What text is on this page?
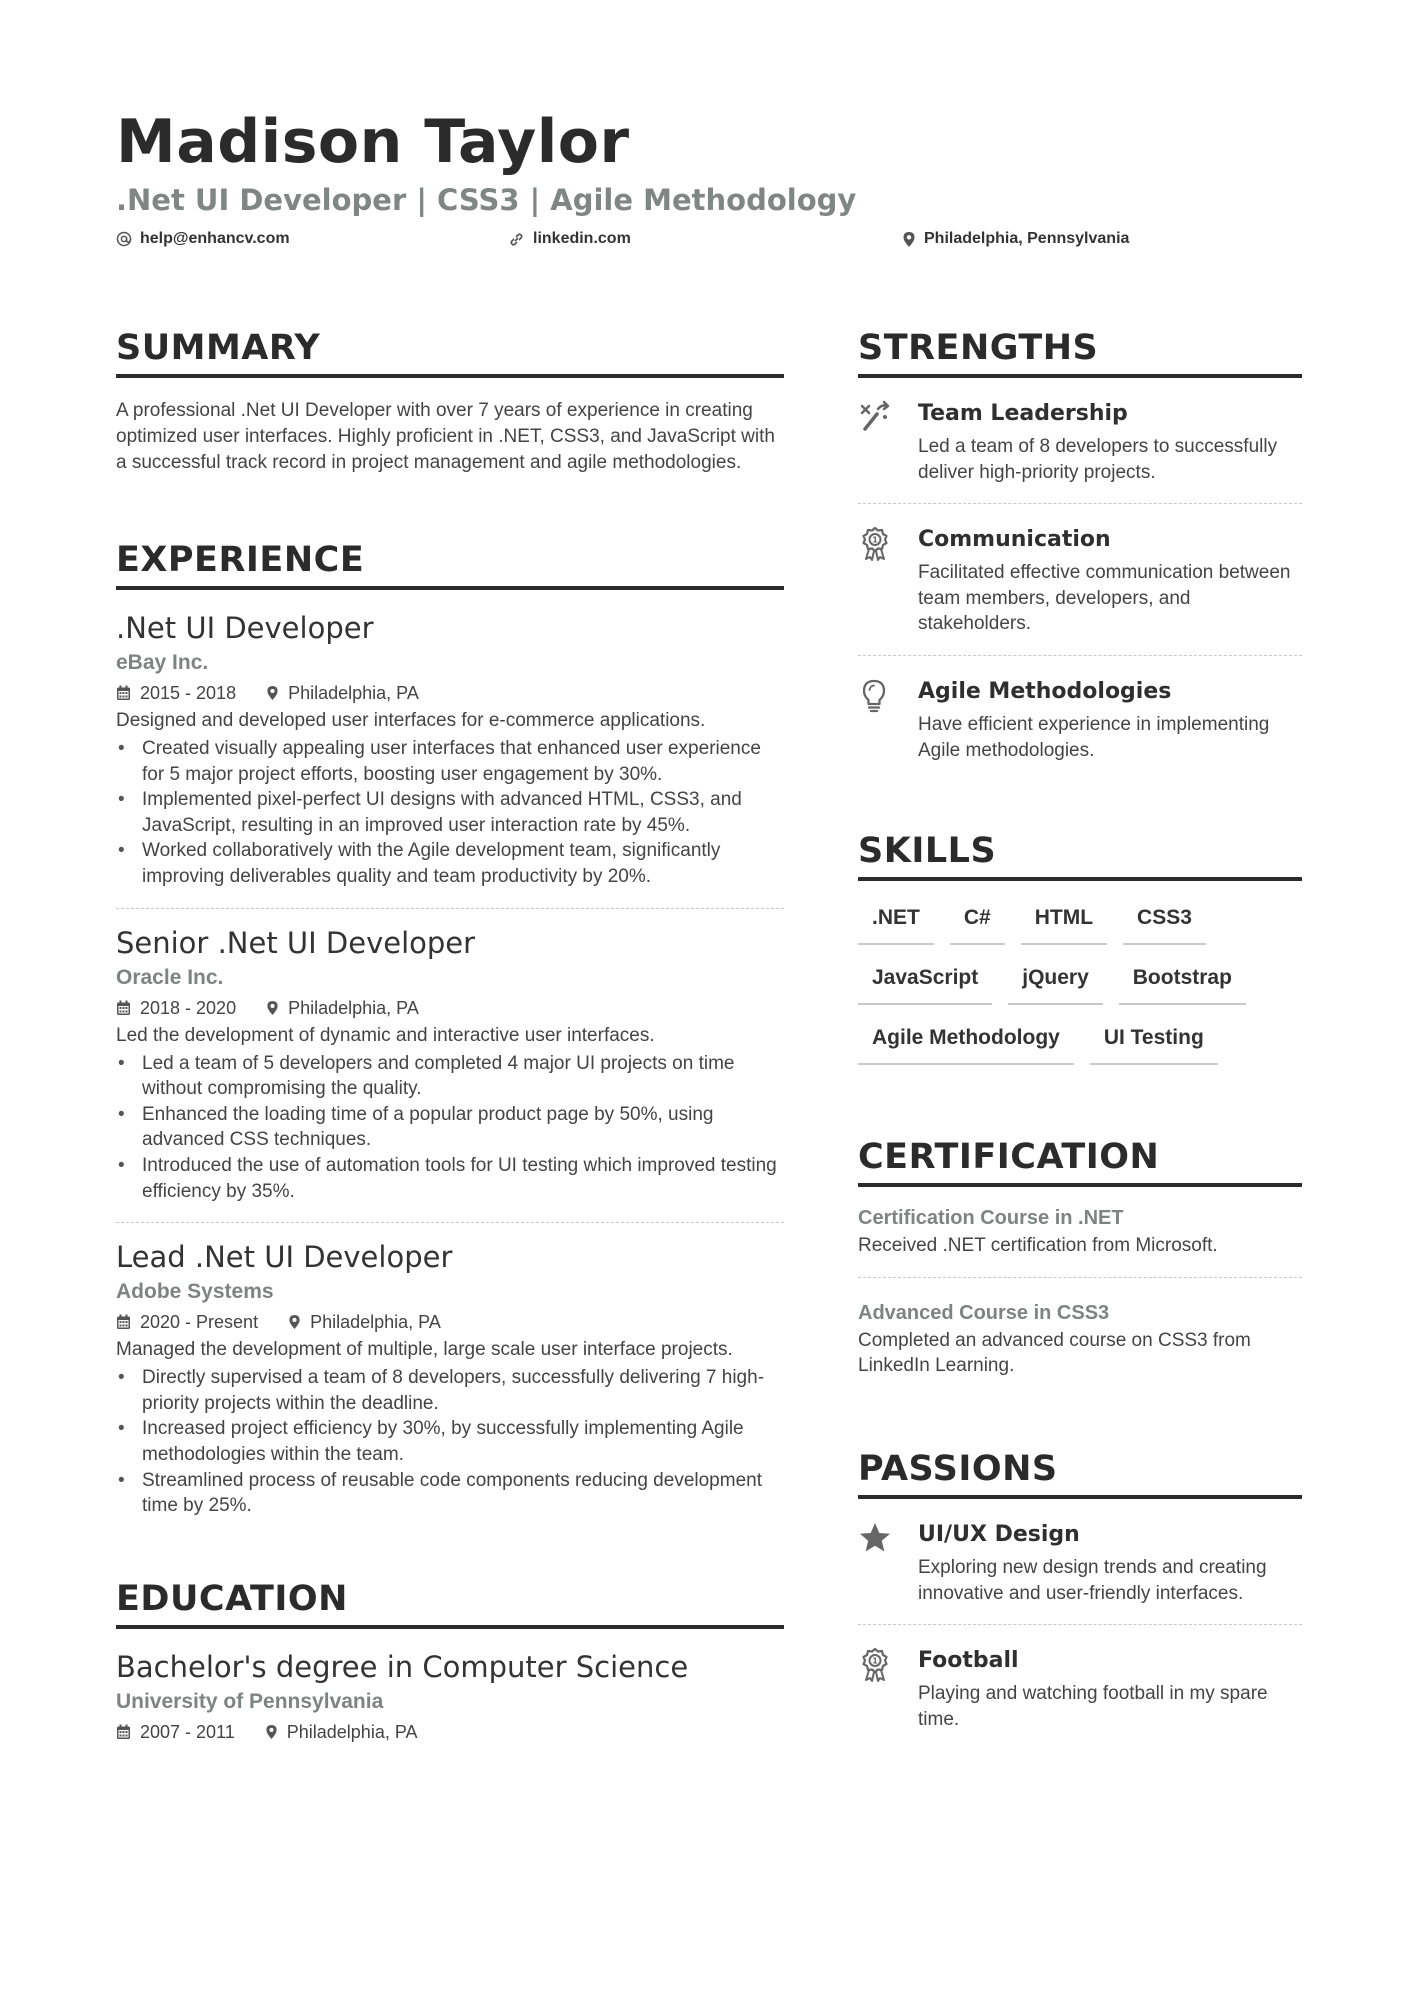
Madison Taylor
.Net UI Developer | CSS3 | Agile Methodology
help@enhancv.com	linkedin.com	Philadelphia, Pennsylvania
SUMMARY

A professional .Net UI Developer with over 7 years of experience in creating optimized user interfaces. Highly proficient in .NET, CSS3, and JavaScript with a successful track record in project management and agile methodologies.

EXPERIENCE
.Net UI Developer
eBay Inc.
2015 - 2018	Philadelphia, PA

Designed and developed user interfaces for e-commerce applications.

• Created visually appealing user interfaces that enhanced user experience for 5 major project efforts, boosting user engagement by 30%.
• Implemented pixel-perfect UI designs with advanced HTML, CSS3, and JavaScript, resulting in an improved user interaction rate by 45%.
• Worked collaboratively with the Agile development team, significantly improving deliverables quality and team productivity by 20%.
Senior .Net UI Developer
Oracle Inc.
2018 - 2020	Philadelphia, PA

Led the development of dynamic and interactive user interfaces.

• Led a team of 5 developers and completed 4 major UI projects on time without compromising the quality.
• Enhanced the loading time of a popular product page by 50%, using advanced CSS techniques.
• Introduced the use of automation tools for UI testing which improved testing efficiency by 35%.
Lead .Net UI Developer
Adobe Systems
2020 - Present	Philadelphia, PA

Managed the development of multiple, large scale user interface projects.

• Directly supervised a team of 8 developers, successfully delivering 7 high-priority projects within the deadline.
• Increased project efficiency by 30%, by successfully implementing Agile methodologies within the team.
• Streamlined process of reusable code components reducing development time by 25%.
EDUCATION
Bachelor's degree in Computer Science
University of Pennsylvania
2007 - 2011	Philadelphia, PA
STRENGTHS
Team Leadership
Led a team of 8 developers to successfully deliver high-priority projects.
1 Communication
Facilitated effective communication between team members, developers, and stakeholders.
Agile Methodologies
Have efficient experience in implementing Agile methodologies.
SKILLS
.NET	C#	HTML	CSS3
JavaScript	jQuery	Bootstrap
Agile Methodology	UI Testing
CERTIFICATION
Certification Course in .NET
Received .NET certification from Microsoft.
Advanced Course in CSS3
Completed an advanced course on CSS3 from LinkedIn Learning.
PASSIONS
UI/UX Design
Exploring new design trends and creating innovative and user-friendly interfaces.
1 Football
Playing and watching football in my spare time.
